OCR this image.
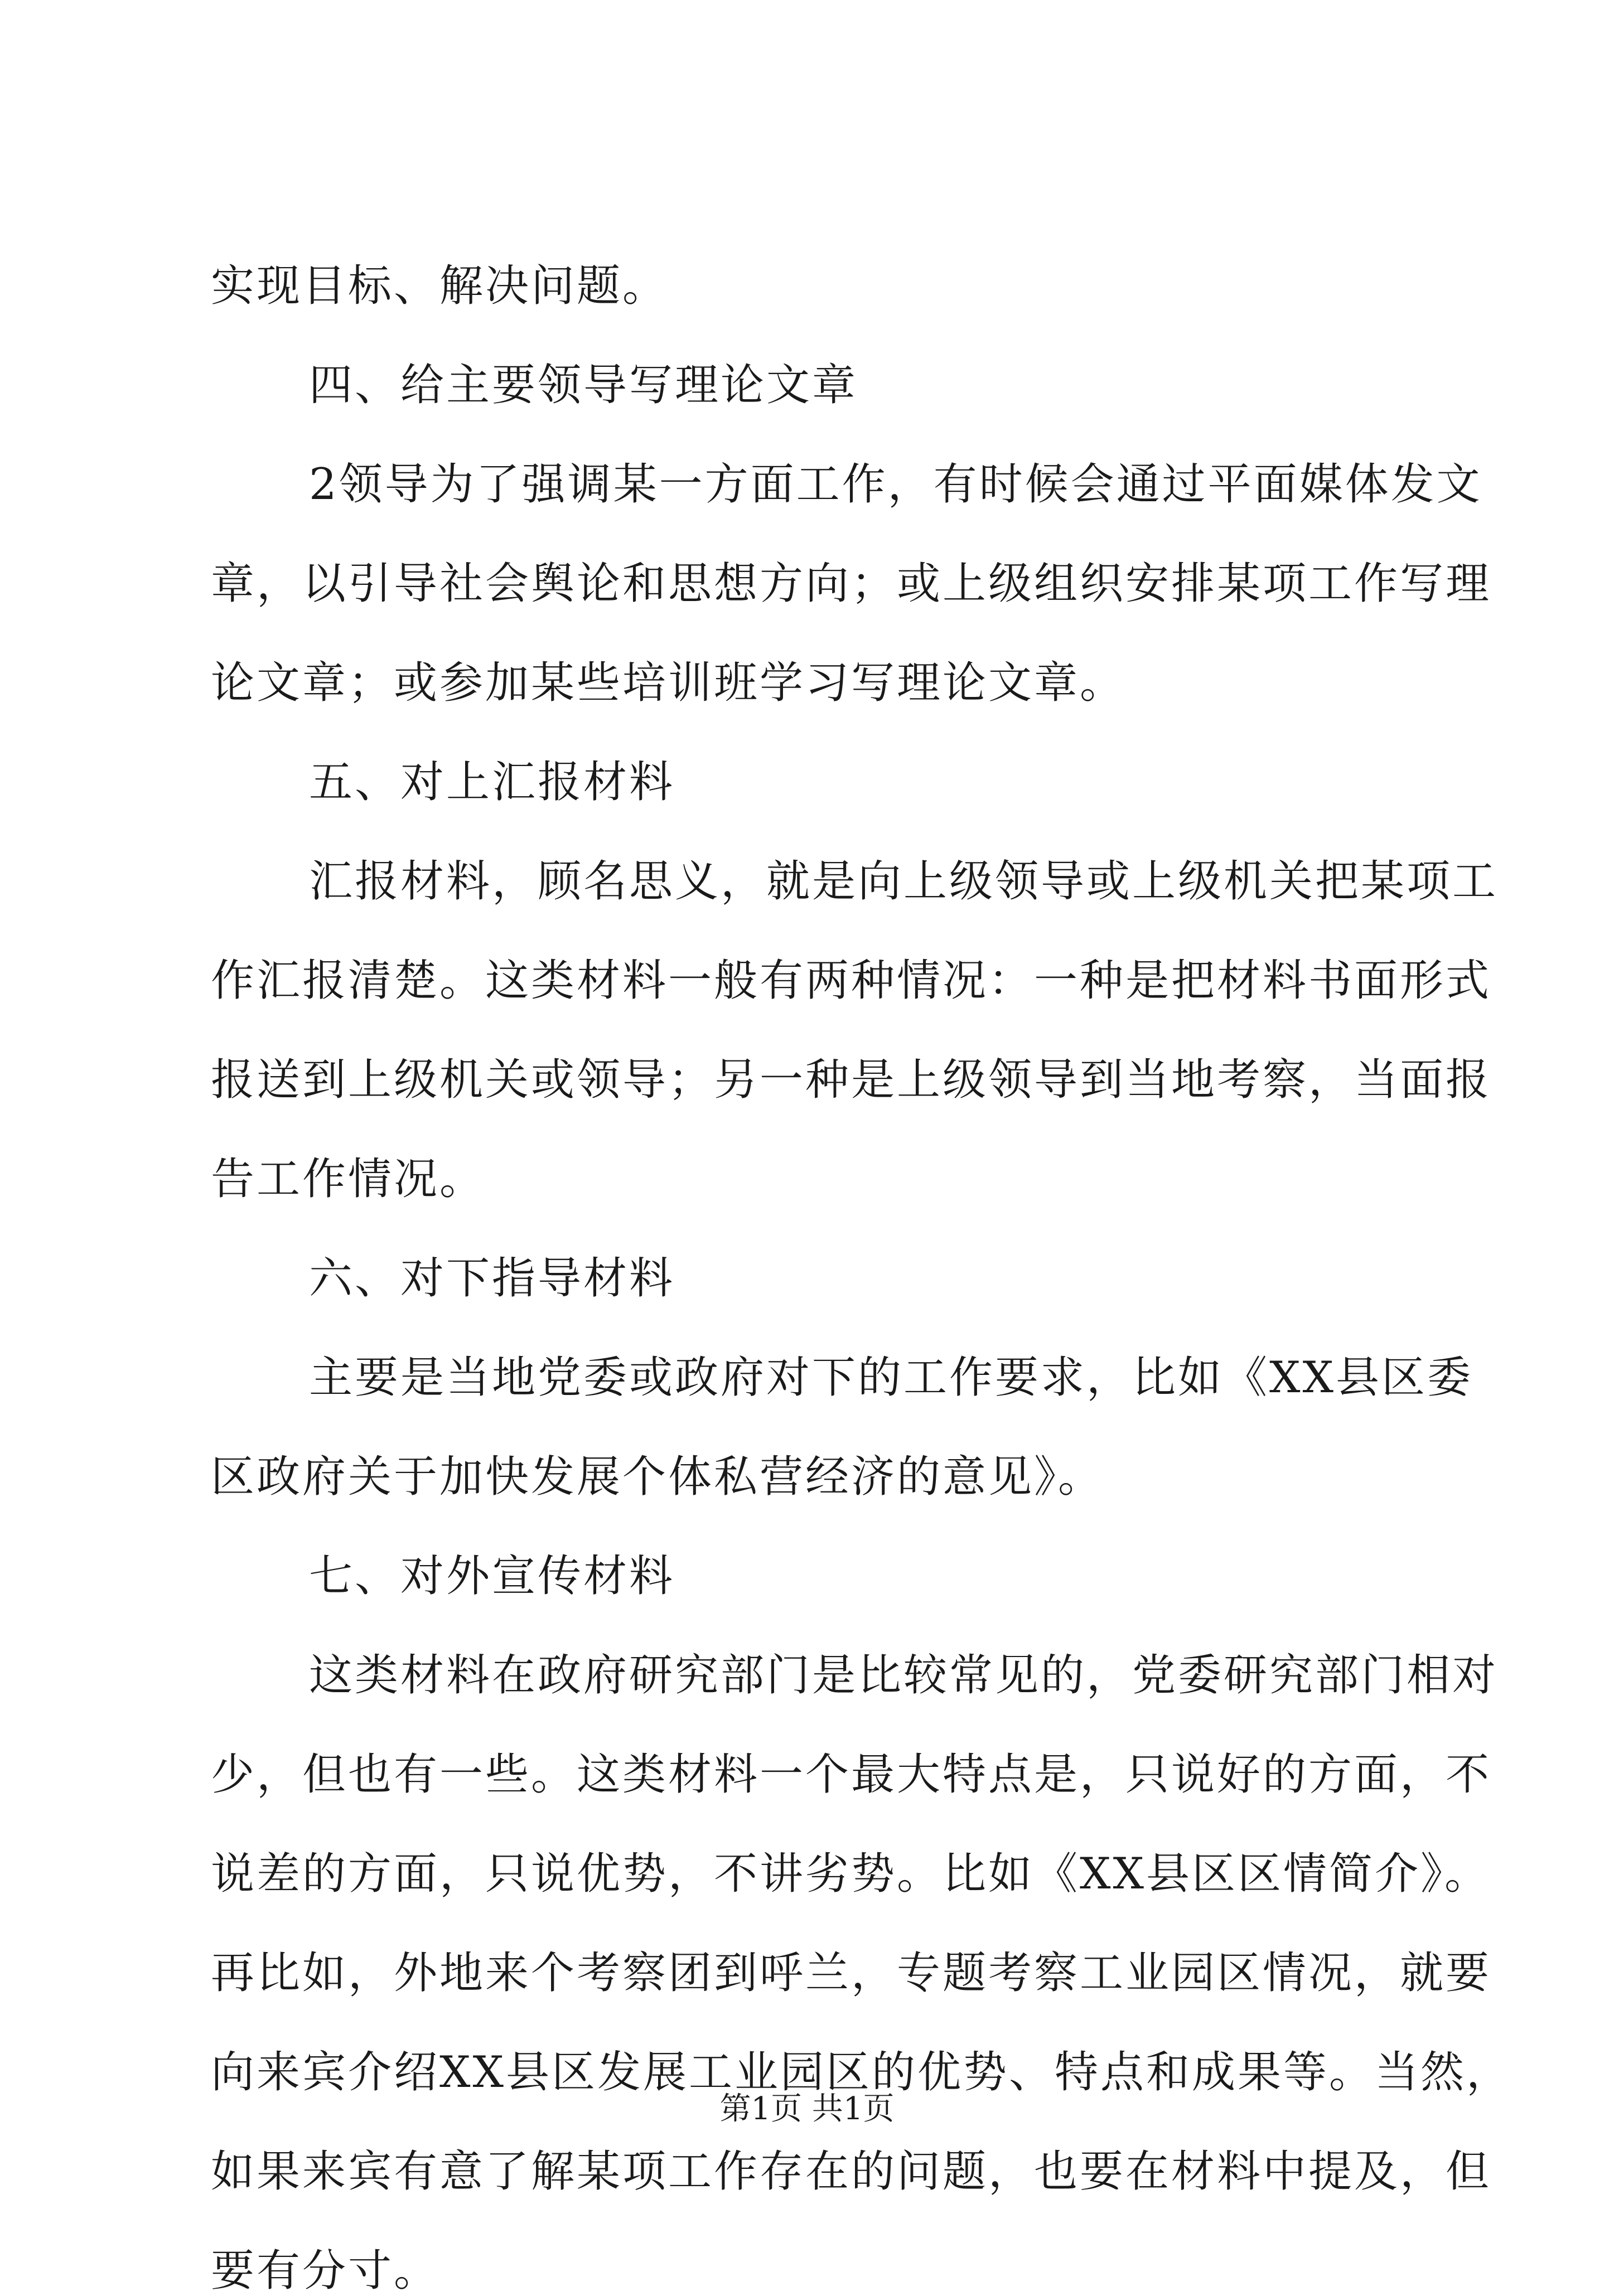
实现目标、解决问题。
四、给主要领导写理论文章
2领导为了强调某一方面工作，有时候会通过平面媒体发文
章，以引导社会舆论和思想方向；或上级组织安排某项工作写理
论文章；或参加某些培训班学习写理论文章。
五、对上汇报材料
汇报材料，顾名思义，就是向上级领导或上级机关把某项工
作汇报清楚。这类材料一般有两种情况：一种是把材料书面形式
报送到上级机关或领导；另一种是上级领导到当地考察，当面报
告工作情况。
六、对下指导材料
主要是当地党委或政府对下的工作要求，比如《XX县区委
区政府关于加快发展个体私营经济的意见》。
七、对外宣传材料
这类材料在政府研究部门是比较常见的，党委研究部门相对
少，但也有一些。这类材料一个最大特点是，只说好的方面，不
说差的方面，只说优势，不讲劣势。比如《XX县区区情简介》。
再比如，外地来个考察团到呼兰，专题考察工业园区情况，就要
向来宾介绍XX县区发展工业园区的优势、特点和成果等。当然，
如果来宾有意了解某项工作存在的问题，也要在材料中提及，但
要有分寸。
第1页 共1页
